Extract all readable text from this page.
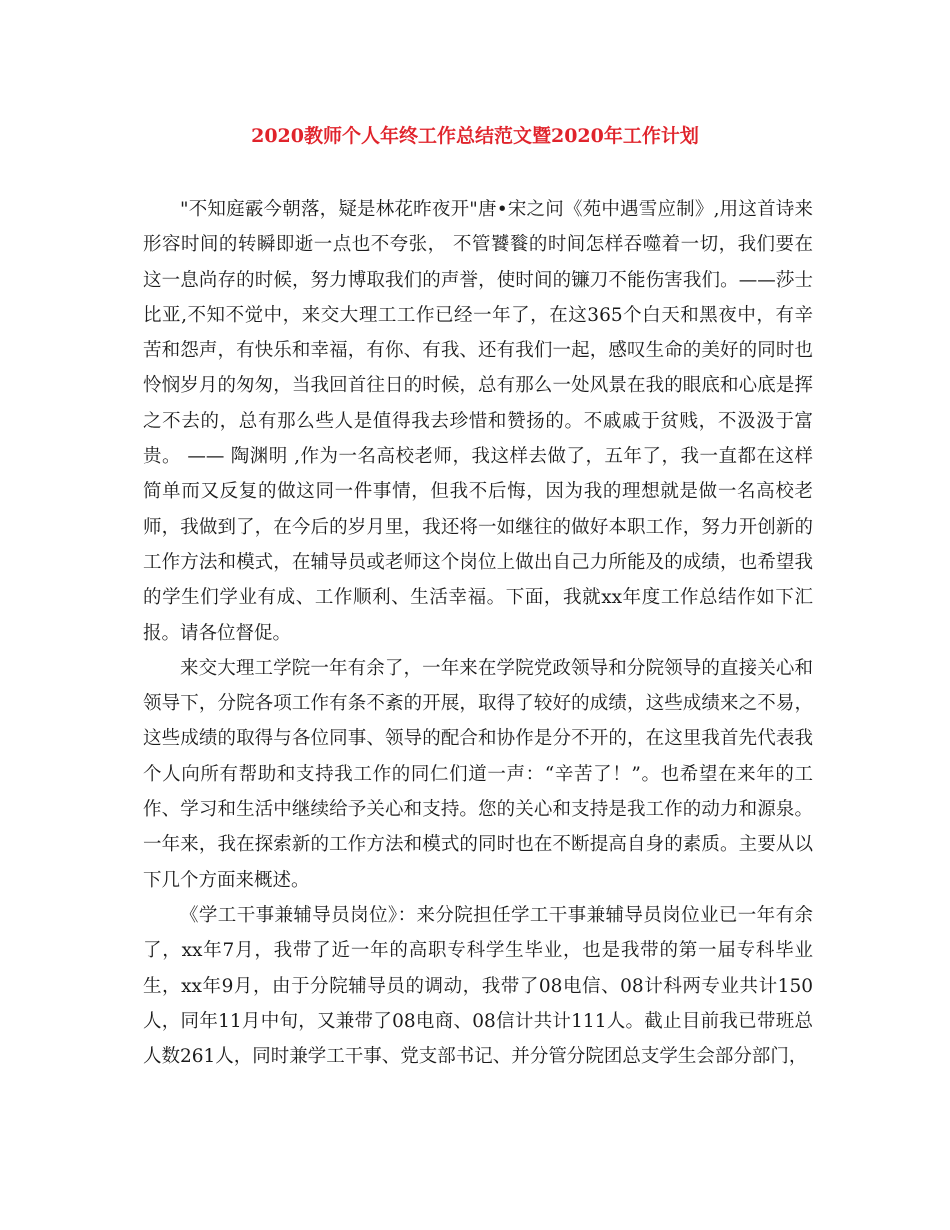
2020教师个人年终工作总结范文暨2020年工作计划

"不知庭霰今朝落，疑是林花昨夜开"唐•宋之问《苑中遇雪应制》,用这首诗来形容时间的转瞬即逝一点也不夸张， 不管饕餮的时间怎样吞噬着一切，我们要在这一息尚存的时候，努力博取我们的声誉，使时间的镰刀不能伤害我们。——莎士比亚,不知不觉中，来交大理工工作已经一年了，在这365个白天和黑夜中，有辛苦和怨声，有快乐和幸福，有你、有我、还有我们一起，感叹生命的美好的同时也怜悯岁月的匆匆，当我回首往日的时候，总有那么一处风景在我的眼底和心底是挥之不去的，总有那么些人是值得我去珍惜和赞扬的。不戚戚于贫贱，不汲汲于富贵。 —— 陶渊明 ,作为一名高校老师，我这样去做了，五年了，我一直都在这样简单而又反复的做这同一件事情，但我不后悔，因为我的理想就是做一名高校老师，我做到了，在今后的岁月里，我还将一如继往的做好本职工作，努力开创新的工作方法和模式，在辅导员或老师这个岗位上做出自己力所能及的成绩，也希望我的学生们学业有成、工作顺利、生活幸福。下面，我就xx年度工作总结作如下汇报。请各位督促。

来交大理工学院一年有余了，一年来在学院党政领导和分院领导的直接关心和领导下，分院各项工作有条不紊的开展，取得了较好的成绩，这些成绩来之不易，这些成绩的取得与各位同事、领导的配合和协作是分不开的，在这里我首先代表我个人向所有帮助和支持我工作的同仁们道一声：“辛苦了！”。也希望在来年的工作、学习和生活中继续给予关心和支持。您的关心和支持是我工作的动力和源泉。一年来，我在探索新的工作方法和模式的同时也在不断提高自身的素质。主要从以下几个方面来概述。

《学工干事兼辅导员岗位》：来分院担任学工干事兼辅导员岗位业已一年有余了，xx年7月，我带了近一年的高职专科学生毕业，也是我带的第一届专科毕业生，xx年9月，由于分院辅导员的调动，我带了08电信、08计科两专业共计150人，同年11月中旬，又兼带了08电商、08信计共计111人。截止目前我已带班总人数261人，同时兼学工干事、党支部书记、并分管分院团总支学生会部分部门，
